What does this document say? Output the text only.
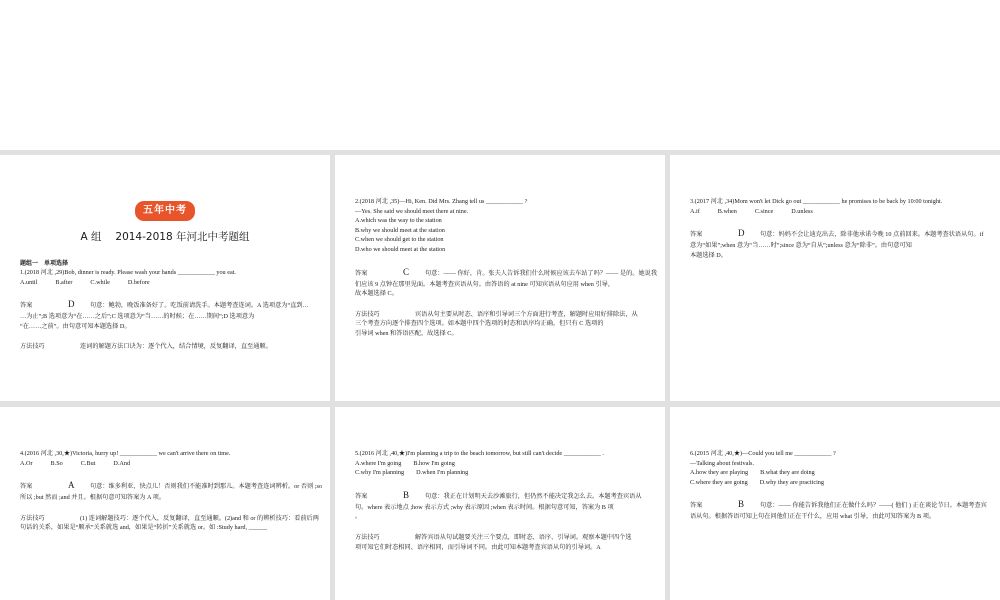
五年中考
A 组　 2014-2018 年河北中考题组

题组一　单项选择

1.(2018 河北 ,29)Bob, dinner is ready. Please wash your hands ____________ you eat.

A.until	B.after	C.while	D.before
答案	D	句意：鲍勃，晚饭准备好了。吃饭前请洗手。本题考查连词。A 选项意为“直到…

…为止”;B 选项意为“在……之后”;C 选项意为“当……的时候；在……期间”;D 选项意为

“在……之前”。由句意可知本题选择 D。

方法技巧	连词的解题方法口诀为：逐个代入，结合情境，反复翻译，直至通顺。

2.(2018 河北 ,35)—Hi, Ken. Did Mrs. Zhang tell us ____________ ?

—Yes. She said we should meet there at nine.

A.which was the way to the station

B.why we should meet at the station

C.when we should get to the station

D.who we should meet at the station

答案	C	句意：—— 你好，肯。张夫人告诉我们什么时候应该去车站了吗？—— 是的。她说我

们应该 9 点钟在那里见面。本题考查宾语从句。由答语的 at nine 可知宾语从句应用 when 引导，

故本题选择 C。

方法技巧	宾语从句主要从时态、语序和引导词三个方面进行考查，解题时应用好排除法，从

三个考查方向逐个排查四个选项。如本题中四个选项的时态和语序均正确，但只有 C 选项的

引导词 when 和答语匹配，故选择 C。

3.(2017 河北 ,34)Mom won't let Dick go out ____________ he promises to be back by 10:00 tonight.

A.if	B.when	C.since	D.unless
答案	D	句意：妈妈不会让迪克出去，除非他承诺今晚 10 点前回来。本题考查状语从句。if

意为“如果”;when 意为“当……时”;since 意为“自从”;unless 意为“除非”。由句意可知

本题选择 D。

4.(2016 河北 ,30,★)Victoria, hurry up! ____________ we can't arrive there on time.

A.Or	B.So	C.But	D.And
答案	A	句意：维多利亚，快点儿！否则我们不能准时到那儿。本题考查连词辨析。or 否则 ;so

所以 ;but 然而 ;and 并且。根据句意可知答案为 A 项。

方法技巧	(1) 连词解题技巧：逐个代入，反复翻译，直至通顺。(2)and 和 or 的辨析技巧：看前后两

句话的关系，如果是“顺承”关系就选 and，如果是“转折”关系就选 or。如 :Study hard, ______

5.(2016 河北 ,40,★)I'm planning a trip to the beach tomorrow, but still can't decide ____________ .

A.where I'm going B.how I'm going
C.why I'm planning D.when I'm planning
答案	B	句意：我正在计划明天去沙滩旅行，但仍然不能决定我怎么去。本题考查宾语从

句。where 表示地点 ;how 表示方式 ;why 表示原因 ;when 表示时间。根据句意可知，答案为 B 项

。

方法技巧	解答宾语从句试题要关注三个要点，即时态、语序、引导词。观察本题中四个选

项可知它们时态相同、语序相同，而引导词不同。由此可知本题考查宾语从句的引导词。A

6.(2015 河北 ,40,★)—Could you tell me ____________ ?

—Talking about festivals.

A.how they are playing B.what they are doing
C.where they are going D.why they are practicing
答案	B	句意：—— 你能告诉我他们正在做什么吗？——( 他们 ) 正在谈论节日。本题考查宾

语从句。根据答语可知上句在问他们正在干什么，应用 what 引导，由此可知答案为 B 项。
